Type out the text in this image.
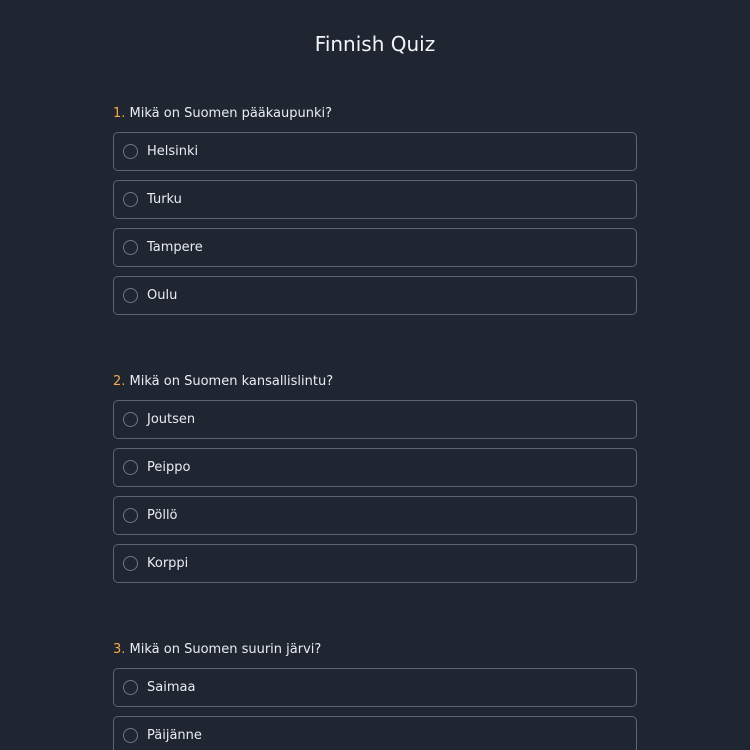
Finnish Quiz
1. Mikä on Suomen pääkaupunki?
Helsinki
Turku
Tampere
Oulu
2. Mikä on Suomen kansallislintu?
Joutsen
Peippo
Pöllö
Korppi
3. Mikä on Suomen suurin järvi?
Saimaa
Päijänne
